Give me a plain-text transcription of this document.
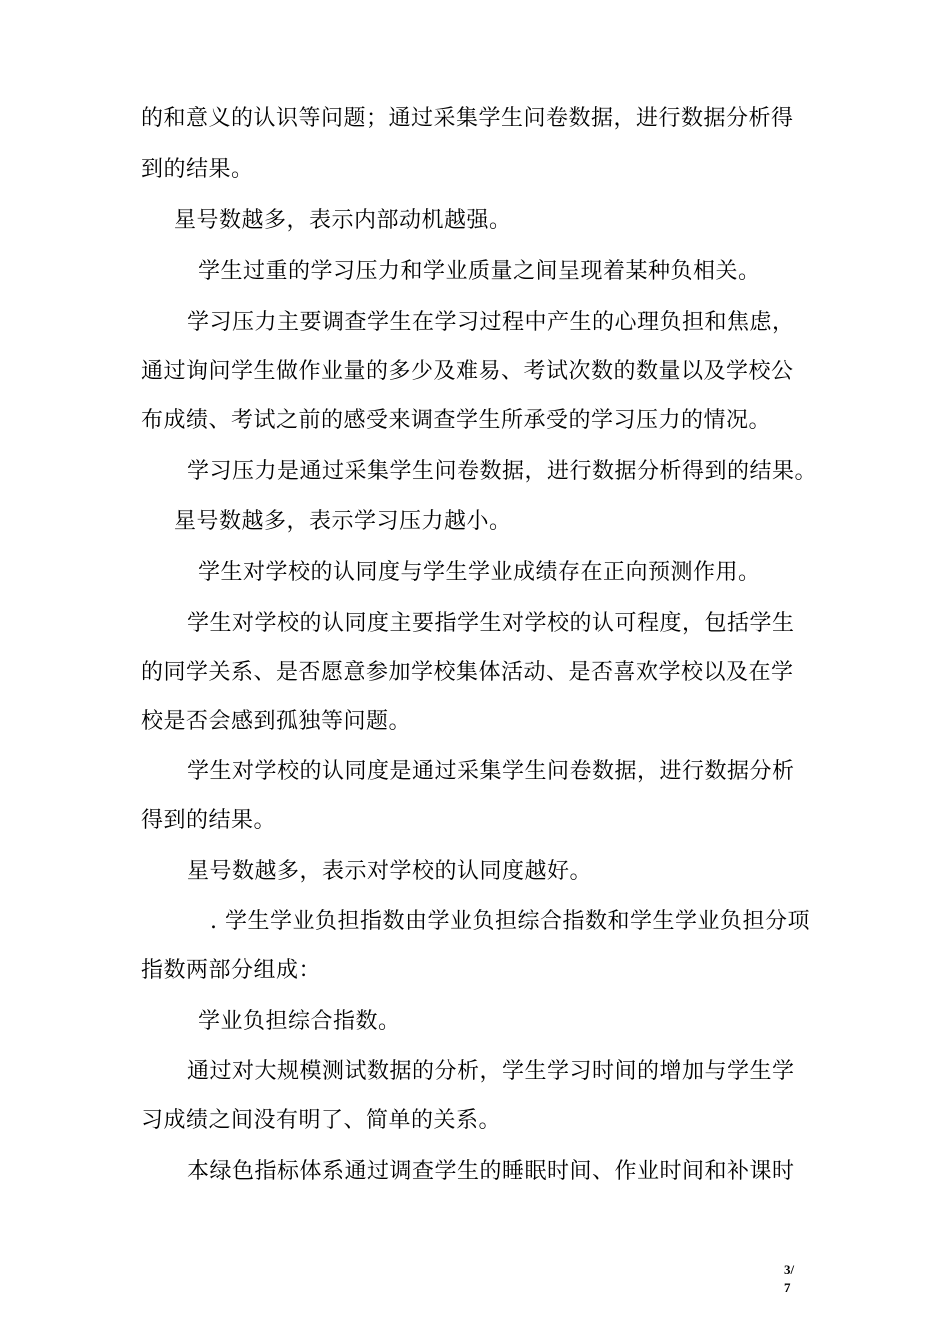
的和意义的认识等问题；通过采集学生问卷数据，进行数据分析得
到的结果。
星号数越多，表示内部动机越强。
学生过重的学习压力和学业质量之间呈现着某种负相关。
学习压力主要调查学生在学习过程中产生的心理负担和焦虑，
通过询问学生做作业量的多少及难易、考试次数的数量以及学校公
布成绩、考试之前的感受来调查学生所承受的学习压力的情况。
学习压力是通过采集学生问卷数据，进行数据分析得到的结果。
星号数越多，表示学习压力越小。
学生对学校的认同度与学生学业成绩存在正向预测作用。
学生对学校的认同度主要指学生对学校的认可程度，包括学生
的同学关系、是否愿意参加学校集体活动、是否喜欢学校以及在学
校是否会感到孤独等问题。
学生对学校的认同度是通过采集学生问卷数据，进行数据分析
得到的结果。
星号数越多，表示对学校的认同度越好。
. 学生学业负担指数由学业负担综合指数和学生学业负担分项
指数两部分组成：
学业负担综合指数。
通过对大规模测试数据的分析，学生学习时间的增加与学生学
习成绩之间没有明了、简单的关系。
本绿色指标体系通过调查学生的睡眠时间、作业时间和补课时
3/
7
